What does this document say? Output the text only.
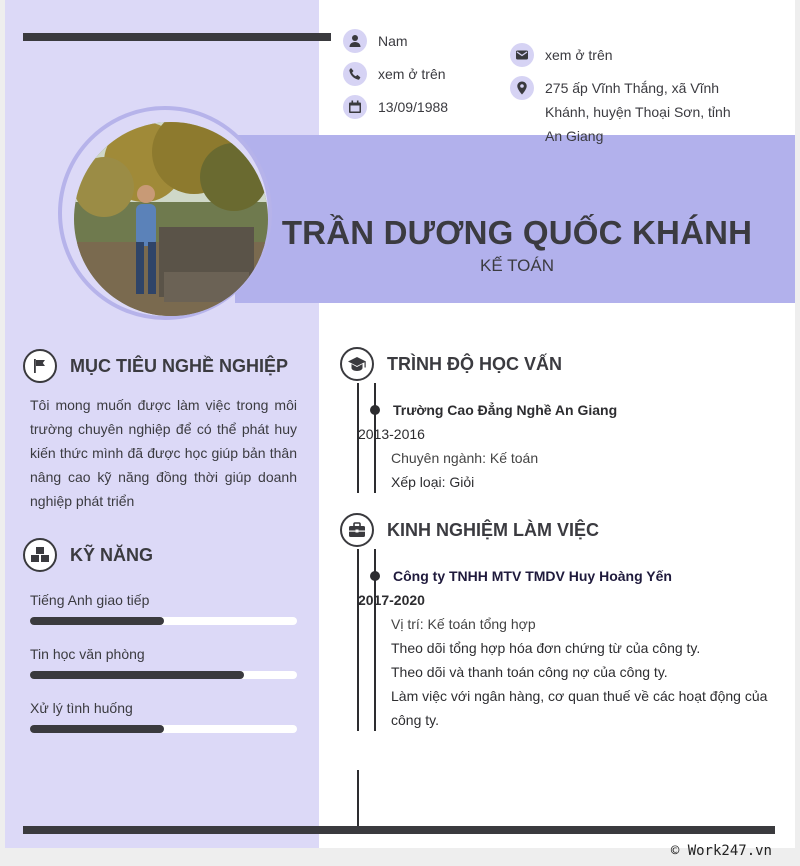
TRẦN DƯƠNG QUỐC KHÁNH
KẾ TOÁN
Nam
xem ở trên
13/09/1988
xem ở trên
275 ấp Vĩnh Thắng, xã Vĩnh
Khánh, huyện Thoại Sơn, tỉnh
An Giang
MỤC TIÊU NGHỀ NGHIỆP
Tôi mong muốn được làm việc trong môi trường chuyên nghiệp để có thể phát huy kiến thức mình đã được học giúp bản thân nâng cao kỹ năng đồng thời giúp doanh nghiệp phát triển
KỸ NĂNG
Tiếng Anh giao tiếp
Tin học văn phòng
Xử lý tình huống
TRÌNH ĐỘ HỌC VẤN
Trường Cao Đẳng Nghề An Giang
2013-2016
Chuyên ngành: Kế toán
Xếp loại: Giỏi
KINH NGHIỆM LÀM VIỆC
Công ty TNHH MTV TMDV Huy Hoàng Yến
2017-2020
Vị trí: Kế toán tổng hợp
Theo dõi tổng hợp hóa đơn chứng từ của công ty.
Theo dõi và thanh toán công nợ của công ty.
Làm việc với ngân hàng, cơ quan thuế về các hoạt động của
công ty.
© Work247.vn
